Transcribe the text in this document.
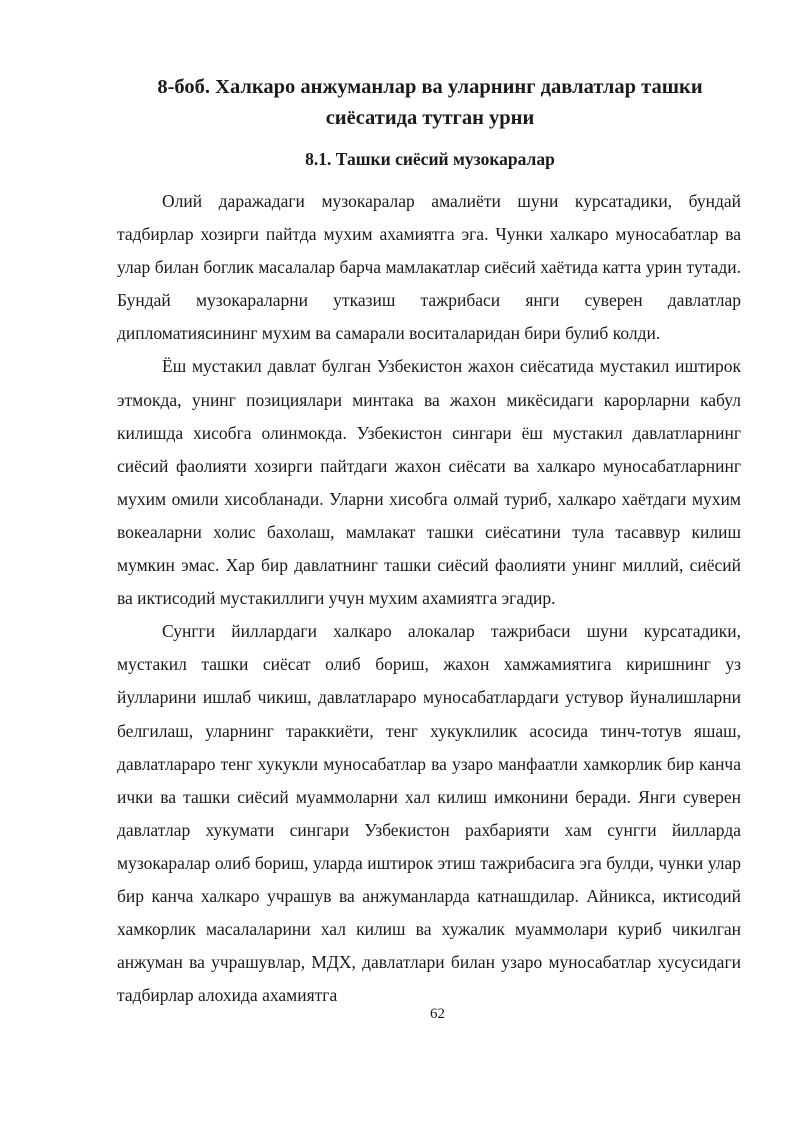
8-боб. Халкаро анжуманлар ва уларнинг давлатлар ташки сиёсатида тутган урни
8.1. Ташки сиёсий музокаралар

Олий даражадаги музокаралар амалиёти шуни курсатадики, бундай тадбирлар хозирги пайтда мухим ахамиятга эга. Чунки халкаро муносабатлар ва улар билан боглик масалалар барча мамлакатлар сиёсий хаётида катта урин тутади. Бундай музокараларни утказиш тажрибаси янги суверен давлатлар дипломатиясининг мухим ва самарали воситаларидан бири булиб колди.

Ёш мустакил давлат булган Узбекистон жахон сиёсатида мустакил иштирок этмокда, унинг позициялари минтака ва жахон микёсидаги карорларни кабул килишда хисобга олинмокда. Узбекистон сингари ёш мустакил давлатларнинг сиёсий фаолияти хозирги пайтдаги жахон сиёсати ва халкаро муносабатларнинг мухим омили хисобланади. Уларни хисобга олмай туриб, халкаро хаётдаги мухим вокеаларни холис бахолаш, мамлакат ташки сиёсатини тула тасаввур килиш мумкин эмас. Хар бир давлатнинг ташки сиёсий фаолияти унинг миллий, сиёсий ва иктисодий мустакиллиги учун мухим ахамиятга эгадир.

Сунгги йиллардаги халкаро алокалар тажрибаси шуни курсатадики, мустакил ташки сиёсат олиб бориш, жахон хамжамиятига киришнинг уз йулларини ишлаб чикиш, давлатлараро муносабатлардаги устувор йуналишларни белгилаш, уларнинг тараккиёти, тенг хукуклилик асосида тинч-тотув яшаш, давлатлараро тенг хукукли муносабатлар ва узаро манфаатли хамкорлик бир канча ички ва ташки сиёсий муаммоларни хал килиш имконини беради. Янги суверен давлатлар хукумати сингари Узбекистон рахбарияти хам сунгги йилларда музокаралар олиб бориш, уларда иштирок этиш тажрибасига эга булди, чунки улар бир канча халкаро учрашув ва анжуманларда катнашдилар. Айникса, иктисодий хамкорлик масалаларини хал килиш ва хужалик муаммолари куриб чикилган анжуман ва учрашувлар, МДХ, давлатлари билан узаро муносабатлар хусусидаги тадбирлар алохида ахамиятга

62
